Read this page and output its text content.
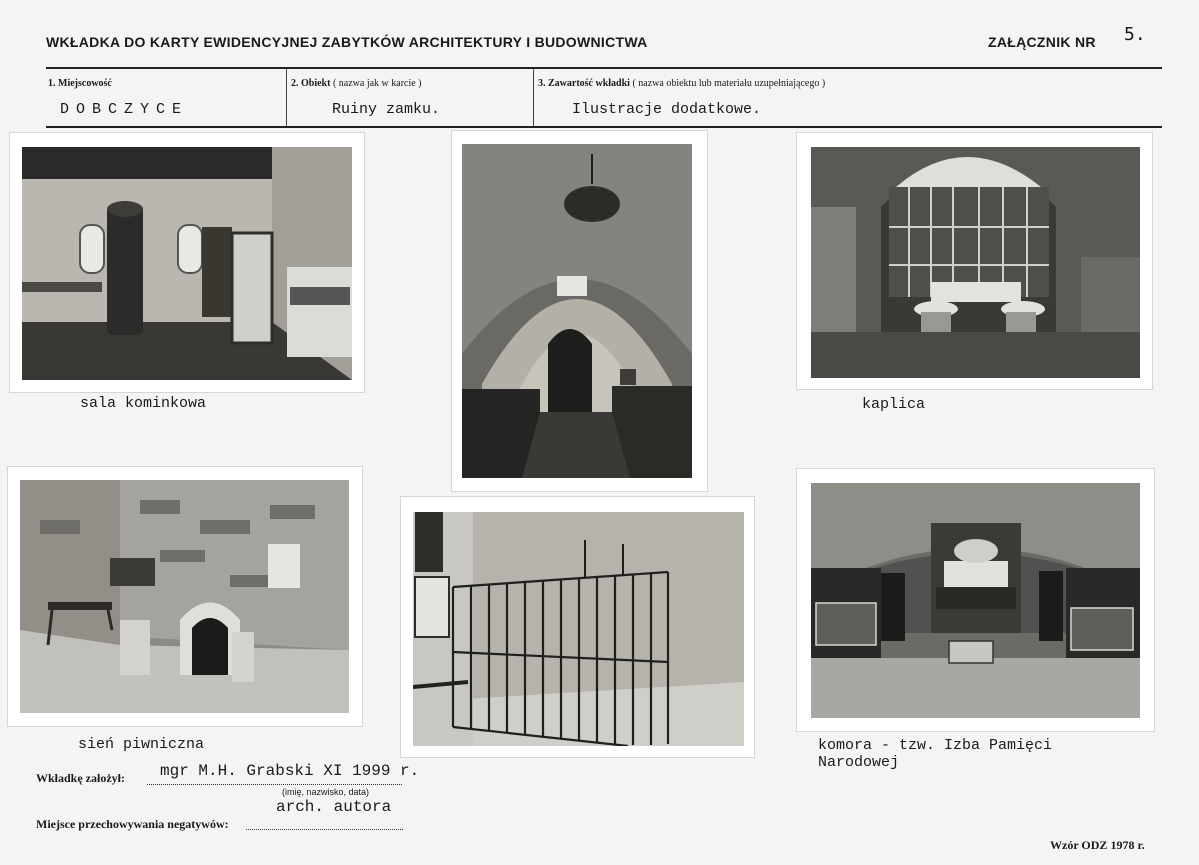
WKŁADKA DO KARTY EWIDENCYJNEJ ZABYTKÓW ARCHITEKTURY I BUDOWNICTWA	ZAŁĄCZNIK NR 5.
1. Miejscowość
DOBCZYCE
2. Obiekt ( nazwa jak w karcie )
Ruiny zamku.
3. Zawartość wkładki ( nazwa obiektu lub materiału uzupełniającego )
Ilustracje dodatkowe.
sala kominkowa	kaplica
sień piwniczna	komora - tzw. Izba Pamięci Narodowej
Wkładkę założył: mgr M.H. Grabski XI 1999 r.
(imię, nazwisko, data)
Miejsce przechowywania negatywów:
arch. autora
Wzór ODZ 1978 r.
